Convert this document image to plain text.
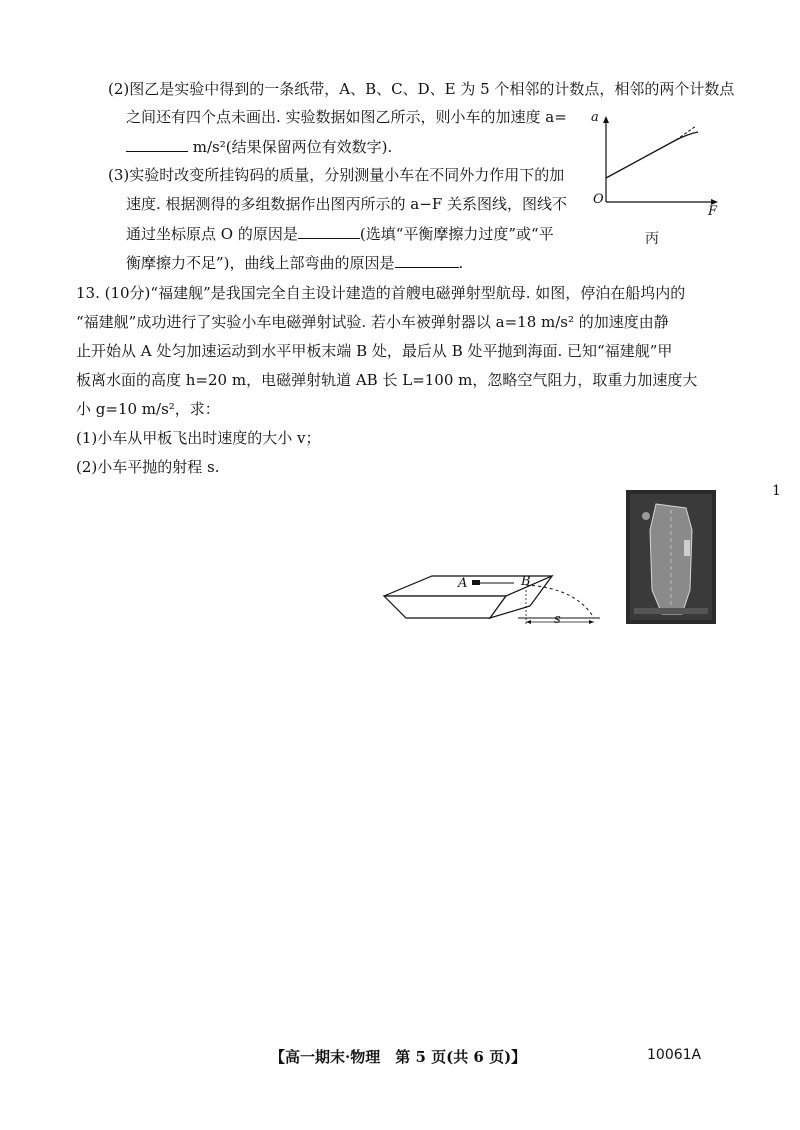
(2)图乙是实验中得到的一条纸带，A、B、C、D、E 为 5 个相邻的计数点，相邻的两个计数点
之间还有四个点未画出. 实验数据如图乙所示，则小车的加速度 a=
m/s²(结果保留两位有效数字).
(3)实验时改变所挂钩码的质量，分别测量小车在不同外力作用下的加
速度. 根据测得的多组数据作出图丙所示的 a−F 关系图线，图线不
通过坐标原点 O 的原因是	(选填“平衡摩擦力过度”或“平
衡摩擦力不足”)，曲线上部弯曲的原因是	.
a
F
O
丙
13. (10分)“福建舰”是我国完全自主设计建造的首艘电磁弹射型航母. 如图，停泊在船坞内的
“福建舰”成功进行了实验小车电磁弹射试验. 若小车被弹射器以 a=18 m/s² 的加速度由静
止开始从 A 处匀加速运动到水平甲板末端 B 处，最后从 B 处平抛到海面. 已知“福建舰”甲
板离水面的高度 h=20 m，电磁弹射轨道 AB 长 L=100 m，忽略空气阻力，取重力加速度大
小 g=10 m/s²，求：
(1)小车从甲板飞出时速度的大小 v；
(2)小车平抛的射程 s.
1
A	B
s
【高一期末·物理　第 5 页(共 6 页)】	10061A
